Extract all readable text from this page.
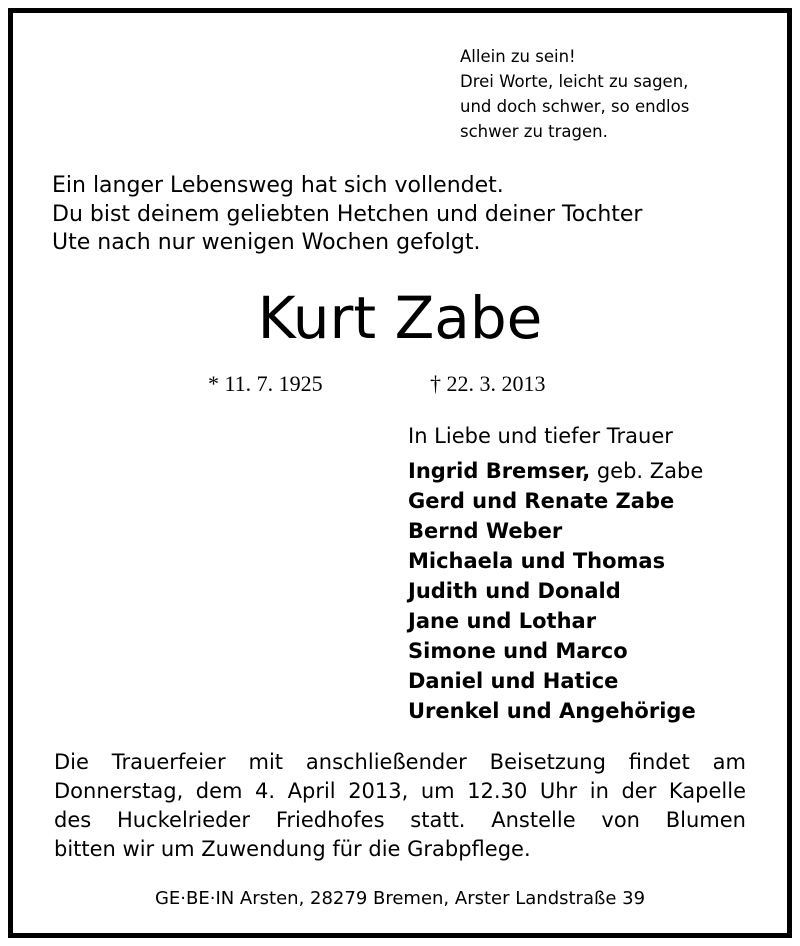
Allein zu sein!
Drei Worte, leicht zu sagen,
und doch schwer, so endlos
schwer zu tragen.
Ein langer Lebensweg hat sich vollendet.
Du bist deinem geliebten Hetchen und deiner Tochter
Ute nach nur wenigen Wochen gefolgt.
Kurt Zabe
* 11. 7. 1925	† 22. 3. 2013
In Liebe und tiefer Trauer
Ingrid Bremser, geb. Zabe
Gerd und Renate Zabe
Bernd Weber
Michaela und Thomas
Judith und Donald
Jane und Lothar
Simone und Marco
Daniel und Hatice
Urenkel und Angehörige
Die Trauerfeier mit anschließender Beisetzung findet am
Donnerstag, dem 4. April 2013, um 12.30 Uhr in der Kapelle
des Huckelrieder Friedhofes statt. Anstelle von Blumen
bitten wir um Zuwendung für die Grabpflege.
GE·BE·IN Arsten, 28279 Bremen, Arster Landstraße 39
